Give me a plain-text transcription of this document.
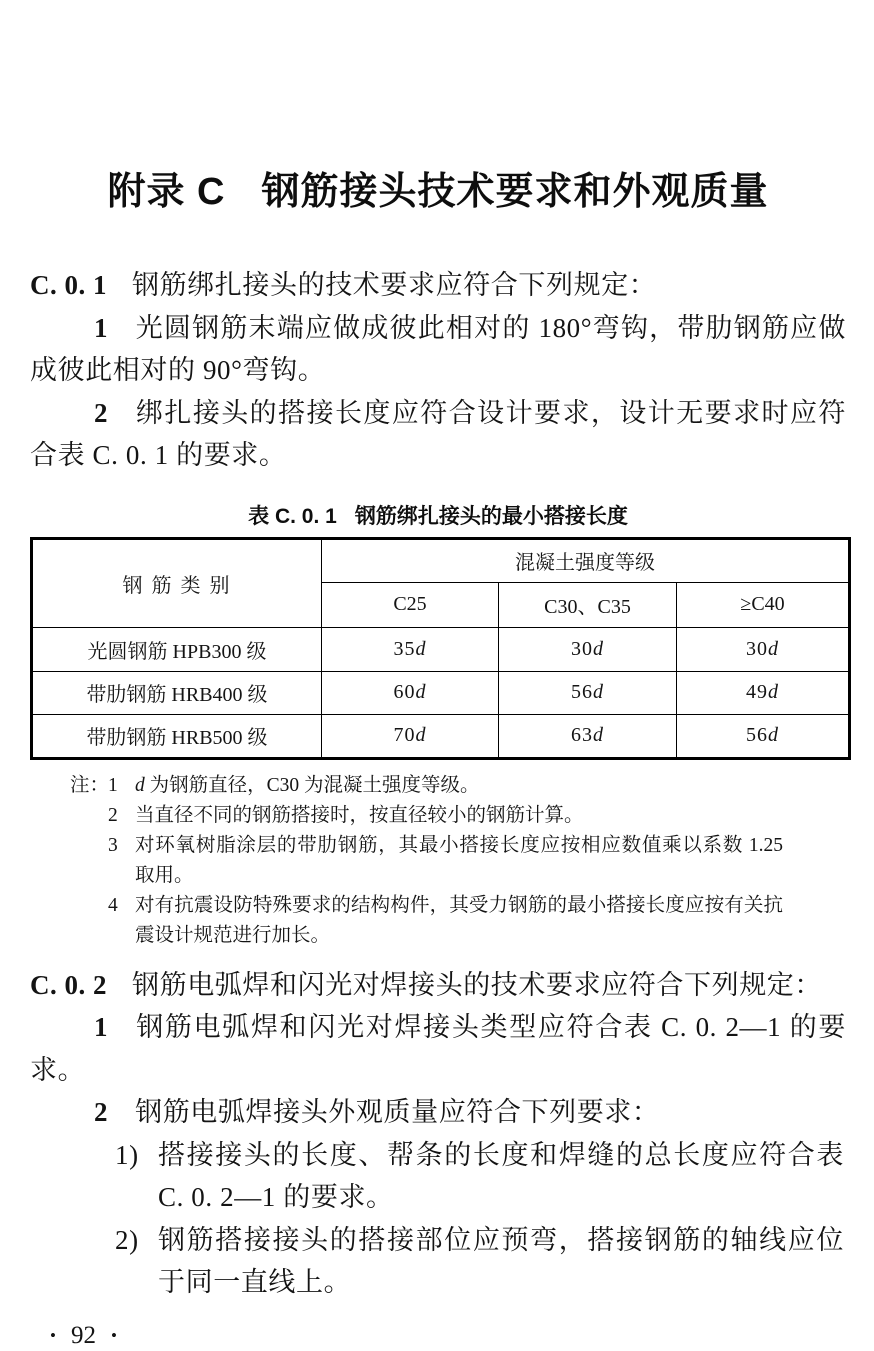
附录 C 钢筋接头技术要求和外观质量

C. 0. 1 钢筋绑扎接头的技术要求应符合下列规定：

1 光圆钢筋末端应做成彼此相对的 180°弯钩，带肋钢筋应做成彼此相对的 90°弯钩。

2 绑扎接头的搭接长度应符合设计要求，设计无要求时应符合表 C. 0. 1 的要求。

表 C. 0. 1 钢筋绑扎接头的最小搭接长度
钢 筋 类 别	混凝土强度等级		
	C25	C30、C35	≥C40
光圆钢筋 HPB300 级	35d	30d	30d
带肋钢筋 HRB400 级	60d	56d	49d
带肋钢筋 HRB500 级	70d	63d	56d
注：
1 d 为钢筋直径，C30 为混凝土强度等级。
2 当直径不同的钢筋搭接时，按直径较小的钢筋计算。
3 对环氧树脂涂层的带肋钢筋，其最小搭接长度应按相应数值乘以系数 1.25 取用。
4 对有抗震设防特殊要求的结构构件，其受力钢筋的最小搭接长度应按有关抗震设计规范进行加长。

C. 0. 2 钢筋电弧焊和闪光对焊接头的技术要求应符合下列规定：

1 钢筋电弧焊和闪光对焊接头类型应符合表 C. 0. 2—1 的要求。

2 钢筋电弧焊接头外观质量应符合下列要求：

1) 搭接接头的长度、帮条的长度和焊缝的总长度应符合表 C. 0. 2—1 的要求。
2) 钢筋搭接接头的搭接部位应预弯，搭接钢筋的轴线应位于同一直线上。
• 92 •
